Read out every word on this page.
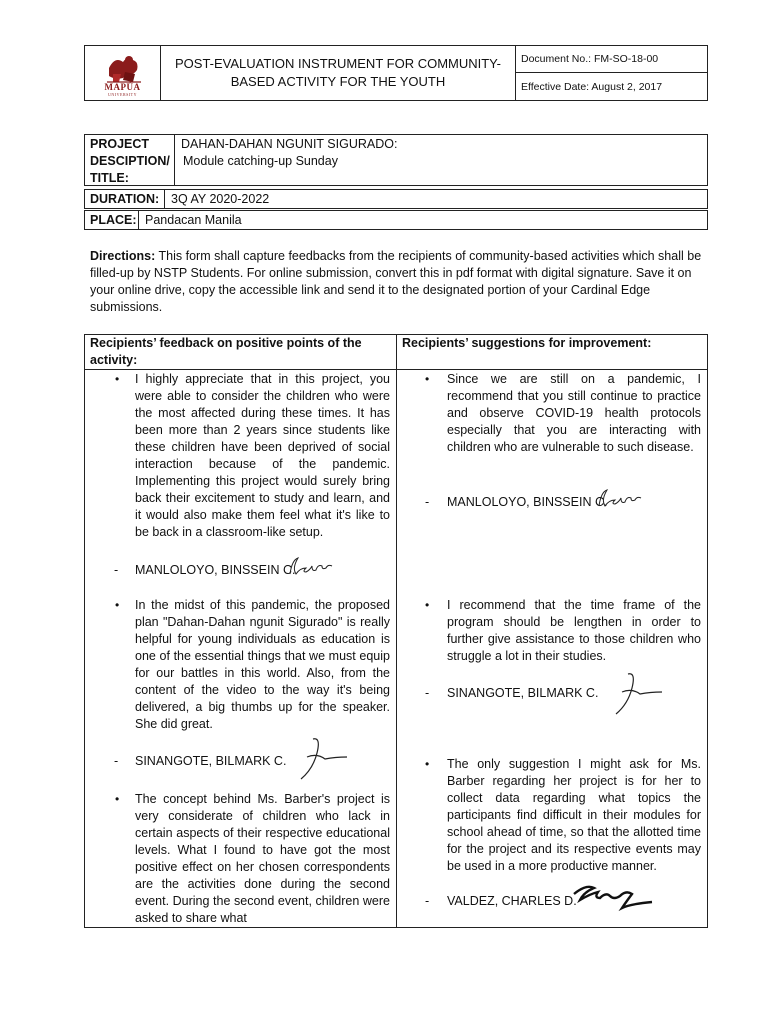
MAPÚA
UNIVERSITY
POST-EVALUATION INSTRUMENT FOR COMMUNITY-BASED ACTIVITY FOR THE YOUTH
Document No.: FM-SO-18-00
Effective Date: August 2, 2017
PROJECT DESCIPTION/ TITLE:
DAHAN-DAHAN NGUNIT SIGURADO:
Module catching-up Sunday
DURATION: 3Q AY 2020-2022
PLACE: Pandacan Manila
Directions: This form shall capture feedbacks from the recipients of community-based activities which shall be filled-up by NSTP Students. For online submission, convert this in pdf format with digital signature. Save it on your online drive, copy the accessible link and send it to the designated portion of your Cardinal Edge submissions.
Recipients’ feedback on positive points of the activity:
Recipients’ suggestions for improvement:
• I highly appreciate that in this project, you were able to consider the children who were the most affected during these times. It has been more than 2 years since students like these children have been deprived of social interaction because of the pandemic. Implementing this project would surely bring back their excitement to study and learn, and it would also make them feel what it's like to be back in a classroom-like setup.
- MANLOLOYO, BINSSEIN C.
• In the midst of this pandemic, the proposed plan "Dahan-Dahan ngunit Sigurado" is really helpful for young individuals as education is one of the essential things that we must equip for our battles in this world. Also, from the content of the video to the way it's being delivered, a big thumbs up for the speaker. She did great.
- SINANGOTE, BILMARK C.
• The concept behind Ms. Barber's project is very considerate of children who lack in certain aspects of their respective educational levels. What I found to have got the most positive effect on her chosen correspondents are the activities done during the second event. During the second event, children were asked to share what
• Since we are still on a pandemic, I recommend that you still continue to practice and observe COVID-19 health protocols especially that you are interacting with children who are vulnerable to such disease.
- MANLOLOYO, BINSSEIN C.
• I recommend that the time frame of the program should be lengthen in order to further give assistance to those children who struggle a lot in their studies.
- SINANGOTE, BILMARK C.
• The only suggestion I might ask for Ms. Barber regarding her project is for her to collect data regarding what topics the participants find difficult in their modules for school ahead of time, so that the allotted time for the project and its respective events may be used in a more productive manner.
- VALDEZ, CHARLES D.
